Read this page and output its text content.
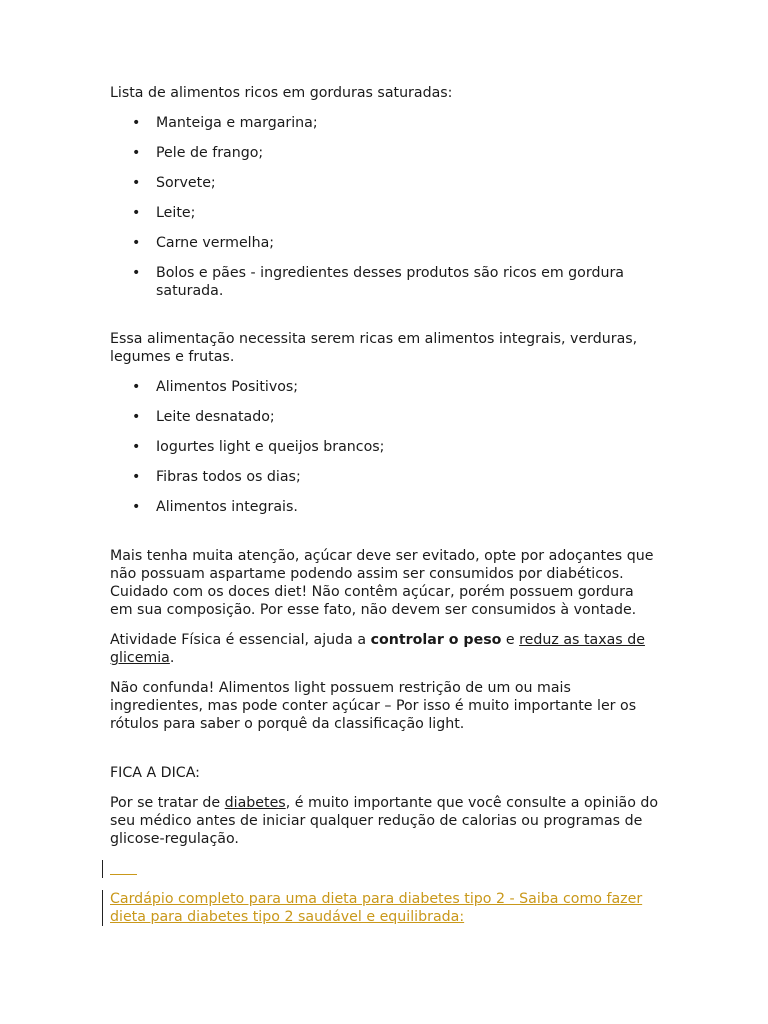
Lista de alimentos ricos em gorduras saturadas:

• Manteiga e margarina;
• Pele de frango;
• Sorvete;
• Leite;
• Carne vermelha;
• Bolos e pães - ingredientes desses produtos são ricos em gordura saturada.

Essa alimentação necessita serem ricas em alimentos integrais, verduras, legumes e frutas.

• Alimentos Positivos;
• Leite desnatado;
• Iogurtes light e queijos brancos;
• Fibras todos os dias;
• Alimentos integrais.

Mais tenha muita atenção, açúcar deve ser evitado, opte por adoçantes que não possuam aspartame podendo assim ser consumidos por diabéticos. Cuidado com os doces diet! Não contêm açúcar, porém possuem gordura em sua composição. Por esse fato, não devem ser consumidos à vontade.

Atividade Física é essencial, ajuda a controlar o peso e reduz as taxas de glicemia.

Não confunda! Alimentos light possuem restrição de um ou mais ingredientes, mas pode conter açúcar – Por isso é muito importante ler os rótulos para saber o porquê da classificação light.

FICA A DICA:

Por se tratar de diabetes, é muito importante que você consulte a opinião do seu médico antes de iniciar qualquer redução de calorias ou programas de glicose-regulação.

Cardápio completo para uma dieta para diabetes tipo 2 - Saiba como fazer dieta para diabetes tipo 2 saudável e equilibrada:
